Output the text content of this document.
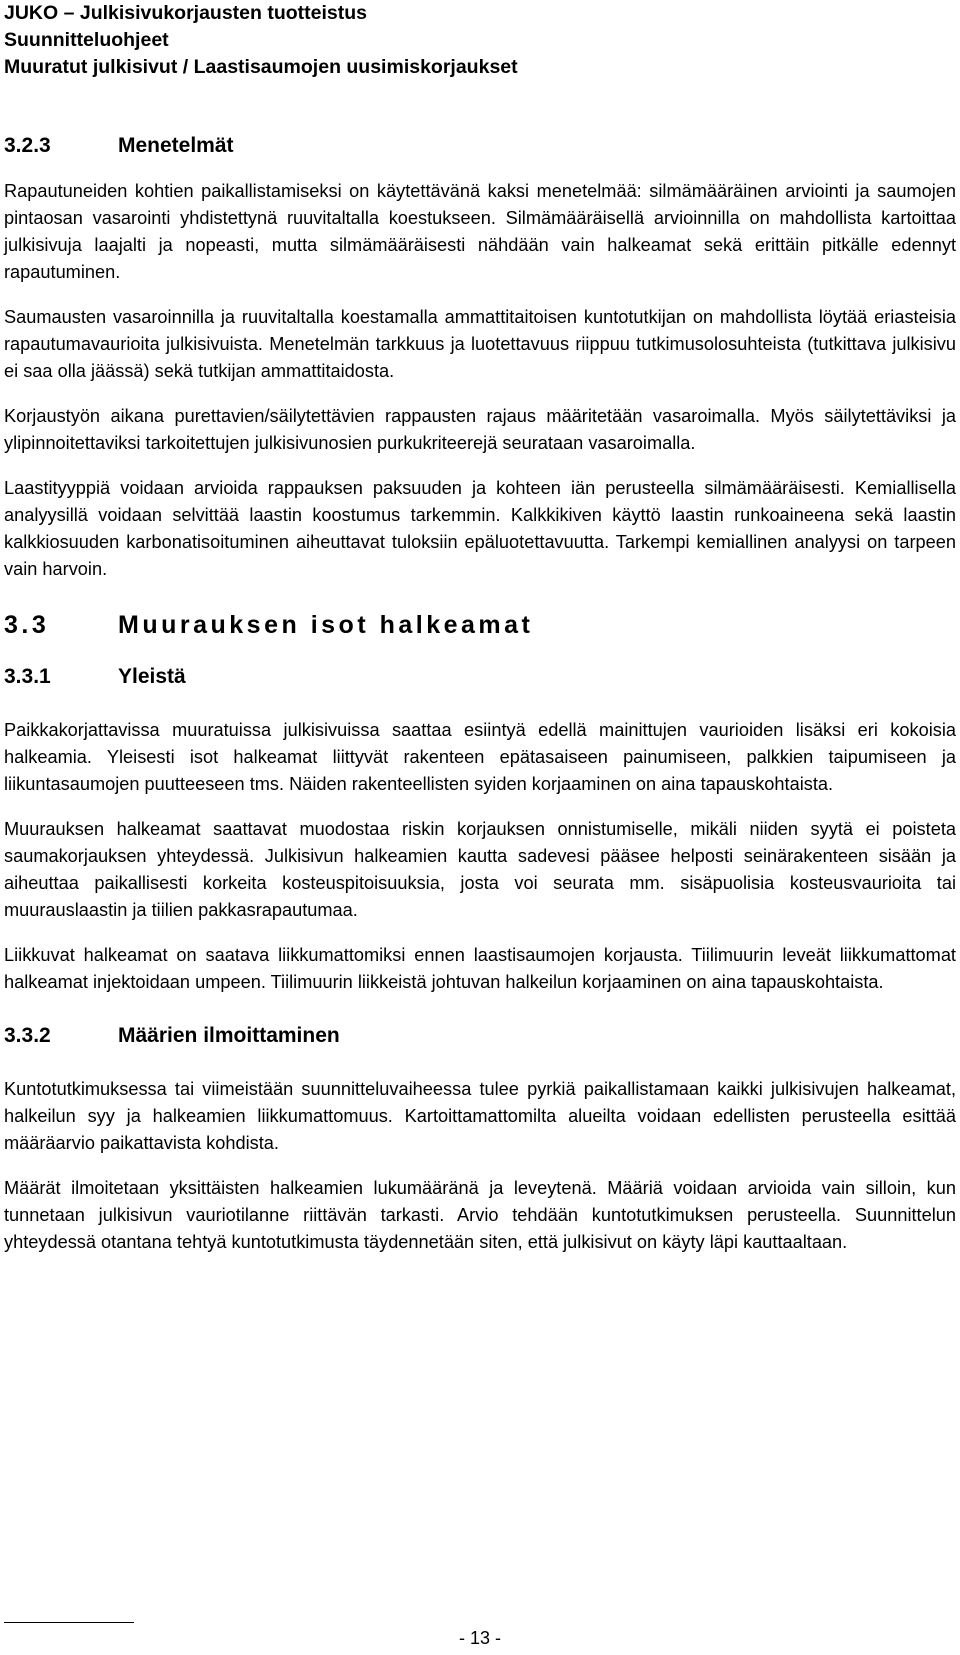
JUKO – Julkisivukorjausten tuotteistus
Suunnitteluohjeet
Muuratut julkisivut / Laastisaumojen uusimiskorjaukset
3.2.3	Menetelmät

Rapautuneiden kohtien paikallistamiseksi on käytettävänä kaksi menetelmää: silmämääräinen arviointi ja saumojen pintaosan vasarointi yhdistettynä ruuvitaltalla koestukseen. Silmämääräisellä arvioinnilla on mahdollista kartoittaa julkisivuja laajalti ja nopeasti, mutta silmämääräisesti nähdään vain halkeamat sekä erittäin pitkälle edennyt rapautuminen.

Saumausten vasaroinnilla ja ruuvitaltalla koestamalla ammattitaitoisen kuntotutkijan on mahdollista löytää eriasteisia rapautumavaurioita julkisivuista. Menetelmän tarkkuus ja luotettavuus riippuu tutkimusolosuhteista (tutkittava julkisivu ei saa olla jäässä) sekä tutkijan ammattitaidosta.

Korjaustyön aikana purettavien/säilytettävien rappausten rajaus määritetään vasaroimalla. Myös säilytettäviksi ja ylipinnoitettaviksi tarkoitettujen julkisivunosien purkukriteerejä seurataan vasaroimalla.

Laastityyppiä voidaan arvioida rappauksen paksuuden ja kohteen iän perusteella silmämääräisesti. Kemiallisella analyysillä voidaan selvittää laastin koostumus tarkemmin. Kalkkikiven käyttö laastin runkoaineena sekä laastin kalkkiosuuden karbonatisoituminen aiheuttavat tuloksiin epäluotettavuutta. Tarkempi kemiallinen analyysi on tarpeen vain harvoin.

3.3	Muurauksen isot halkeamat
3.3.1	Yleistä

Paikkakorjattavissa muuratuissa julkisivuissa saattaa esiintyä edellä mainittujen vaurioiden lisäksi eri kokoisia halkeamia. Yleisesti isot halkeamat liittyvät rakenteen epätasaiseen painumiseen, palkkien taipumiseen ja liikuntasaumojen puutteeseen tms. Näiden rakenteellisten syiden korjaaminen on aina tapauskohtaista.

Muurauksen halkeamat saattavat muodostaa riskin korjauksen onnistumiselle, mikäli niiden syytä ei poisteta saumakorjauksen yhteydessä. Julkisivun halkeamien kautta sadevesi pääsee helposti seinärakenteen sisään ja aiheuttaa paikallisesti korkeita kosteuspitoisuuksia, josta voi seurata mm. sisäpuolisia kosteusvaurioita tai muurauslaastin ja tiilien pakkasrapautumaa.

Liikkuvat halkeamat on saatava liikkumattomiksi ennen laastisaumojen korjausta. Tiilimuurin leveät liikkumattomat halkeamat injektoidaan umpeen. Tiilimuurin liikkeistä johtuvan halkeilun korjaaminen on aina tapauskohtaista.

3.3.2	Määrien ilmoittaminen

Kuntotutkimuksessa tai viimeistään suunnitteluvaiheessa tulee pyrkiä paikallistamaan kaikki julkisivujen halkeamat, halkeilun syy ja halkeamien liikkumattomuus. Kartoittamattomilta alueilta voidaan edellisten perusteella esittää määräarvio paikattavista kohdista.

Määrät ilmoitetaan yksittäisten halkeamien lukumääränä ja leveytenä. Määriä voidaan arvioida vain silloin, kun tunnetaan julkisivun vauriotilanne riittävän tarkasti. Arvio tehdään kuntotutkimuksen perusteella. Suunnittelun yhteydessä otantana tehtyä kuntotutkimusta täydennetään siten, että julkisivut on käyty läpi kauttaaltaan.

- 13 -
